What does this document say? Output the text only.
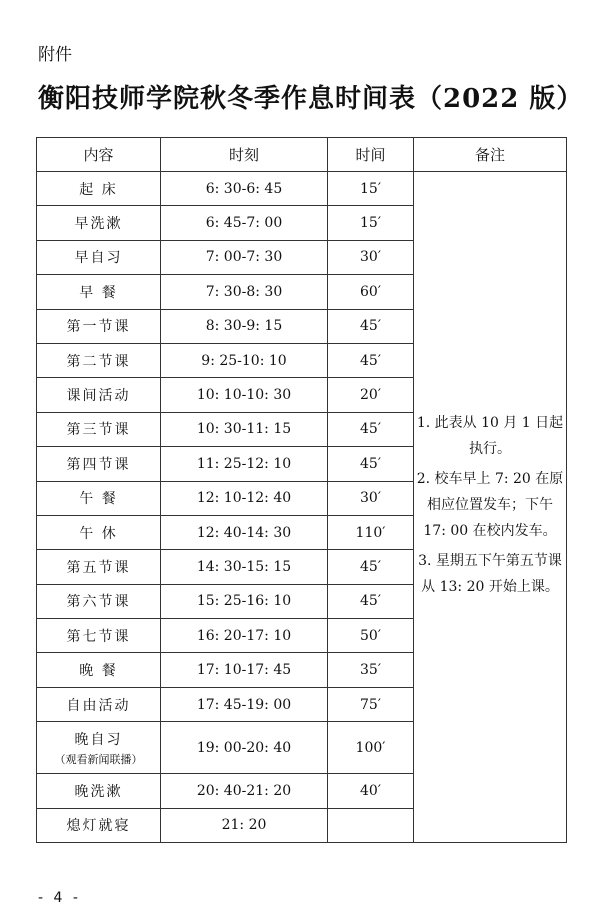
附件
衡阳技师学院秋冬季作息时间表（2022 版）
内容	时刻	时间	备注
起 床	6: 30-6: 45	15′	1. 此表从 10 月 1 日起执行。

2. 校车早上 7: 20 在原相应位置发车；下午 17: 00 在校内发车。

3. 星期五下午第五节课从 13: 20 开始上课。

早洗漱	6: 45-7: 00	15′	
早自习	7: 00-7: 30	30′	
早 餐	7: 30-8: 30	60′	
第一节课	8: 30-9: 15	45′	
第二节课	9: 25-10: 10	45′	
课间活动	10: 10-10: 30	20′	
第三节课	10: 30-11: 15	45′	
第四节课	11: 25-12: 10	45′	
午 餐	12: 10-12: 40	30′	
午 休	12: 40-14: 30	110′	
第五节课	14: 30-15: 15	45′	
第六节课	15: 25-16: 10	45′	
第七节课	16: 20-17: 10	50′	
晚 餐	17: 10-17: 45	35′	
自由活动	17: 45-19: 00	75′	
晚自习
（观看新闻联播）	19: 00-20: 40	100′	
晚洗漱	20: 40-21: 20	40′	
熄灯就寝	21: 20		
- 4 -
